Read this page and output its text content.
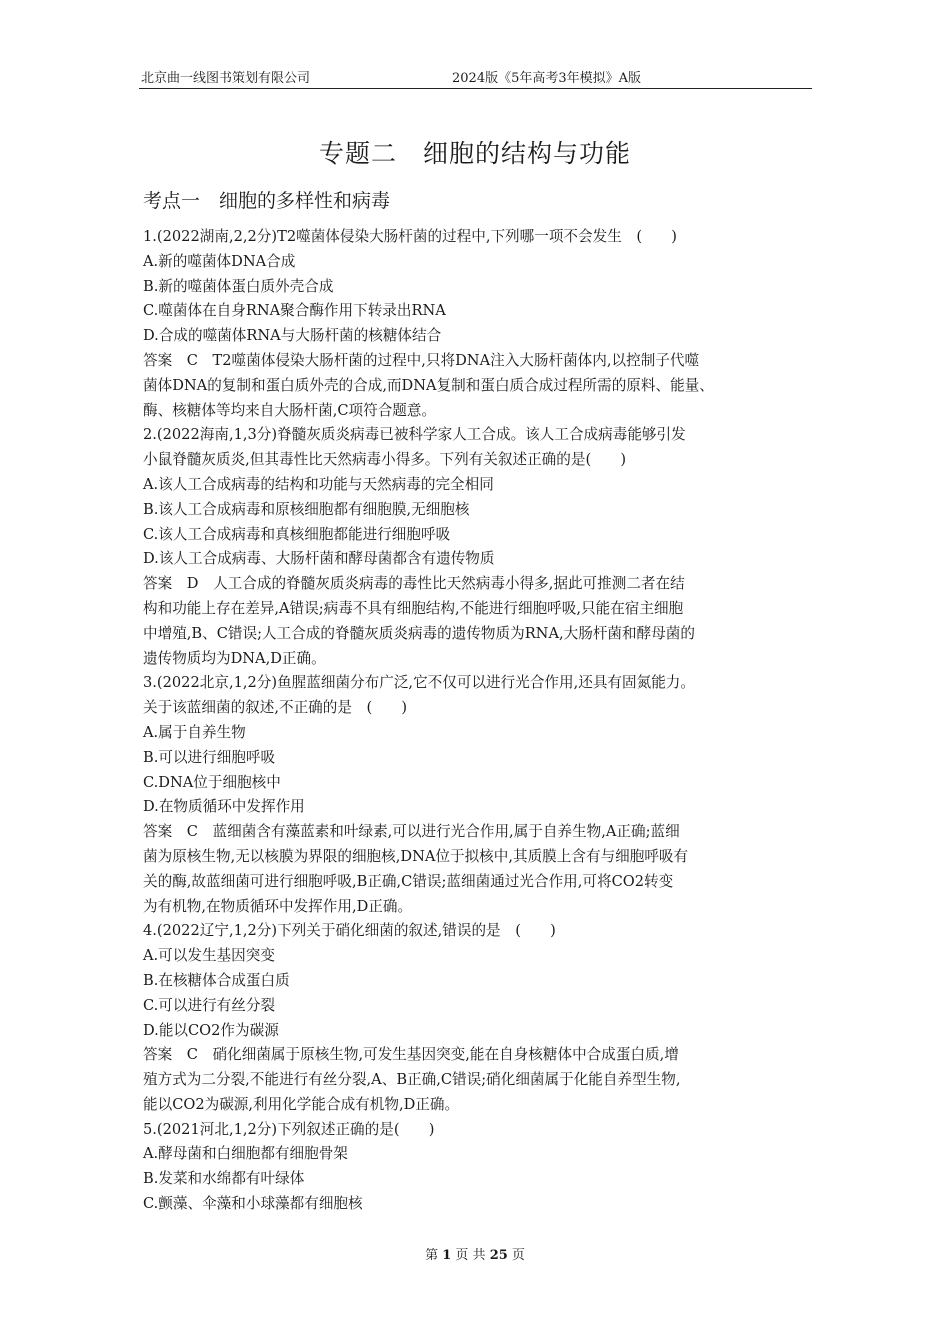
北京曲一线图书策划有限公司	2024版《5年高考3年模拟》A版
专题二　细胞的结构与功能
考点一　细胞的多样性和病毒
1.(2022湖南,2,2分)T2噬菌体侵染大肠杆菌的过程中,下列哪一项不会发生　(　　)
A.新的噬菌体DNA合成
B.新的噬菌体蛋白质外壳合成
C.噬菌体在自身RNA聚合酶作用下转录出RNA
D.合成的噬菌体RNA与大肠杆菌的核糖体结合
答案　C　T2噬菌体侵染大肠杆菌的过程中,只将DNA注入大肠杆菌体内,以控制子代噬
菌体DNA的复制和蛋白质外壳的合成,而DNA复制和蛋白质合成过程所需的原料、能量、
酶、核糖体等均来自大肠杆菌,C项符合题意。
2.(2022海南,1,3分)脊髓灰质炎病毒已被科学家人工合成。该人工合成病毒能够引发
小鼠脊髓灰质炎,但其毒性比天然病毒小得多。下列有关叙述正确的是(　　)
A.该人工合成病毒的结构和功能与天然病毒的完全相同
B.该人工合成病毒和原核细胞都有细胞膜,无细胞核
C.该人工合成病毒和真核细胞都能进行细胞呼吸
D.该人工合成病毒、大肠杆菌和酵母菌都含有遗传物质
答案　D　人工合成的脊髓灰质炎病毒的毒性比天然病毒小得多,据此可推测二者在结
构和功能上存在差异,A错误;病毒不具有细胞结构,不能进行细胞呼吸,只能在宿主细胞
中增殖,B、C错误;人工合成的脊髓灰质炎病毒的遗传物质为RNA,大肠杆菌和酵母菌的
遗传物质均为DNA,D正确。
3.(2022北京,1,2分)鱼腥蓝细菌分布广泛,它不仅可以进行光合作用,还具有固氮能力。
关于该蓝细菌的叙述,不正确的是　(　　)
A.属于自养生物
B.可以进行细胞呼吸
C.DNA位于细胞核中
D.在物质循环中发挥作用
答案　C　蓝细菌含有藻蓝素和叶绿素,可以进行光合作用,属于自养生物,A正确;蓝细
菌为原核生物,无以核膜为界限的细胞核,DNA位于拟核中,其质膜上含有与细胞呼吸有
关的酶,故蓝细菌可进行细胞呼吸,B正确,C错误;蓝细菌通过光合作用,可将CO2转变
为有机物,在物质循环中发挥作用,D正确。
4.(2022辽宁,1,2分)下列关于硝化细菌的叙述,错误的是　(　　)
A.可以发生基因突变
B.在核糖体合成蛋白质
C.可以进行有丝分裂
D.能以CO2作为碳源
答案　C　硝化细菌属于原核生物,可发生基因突变,能在自身核糖体中合成蛋白质,增
殖方式为二分裂,不能进行有丝分裂,A、B正确,C错误;硝化细菌属于化能自养型生物,
能以CO2为碳源,利用化学能合成有机物,D正确。
5.(2021河北,1,2分)下列叙述正确的是(　　)
A.酵母菌和白细胞都有细胞骨架
B.发菜和水绵都有叶绿体
C.颤藻、伞藻和小球藻都有细胞核
第 1 页 共 25 页
